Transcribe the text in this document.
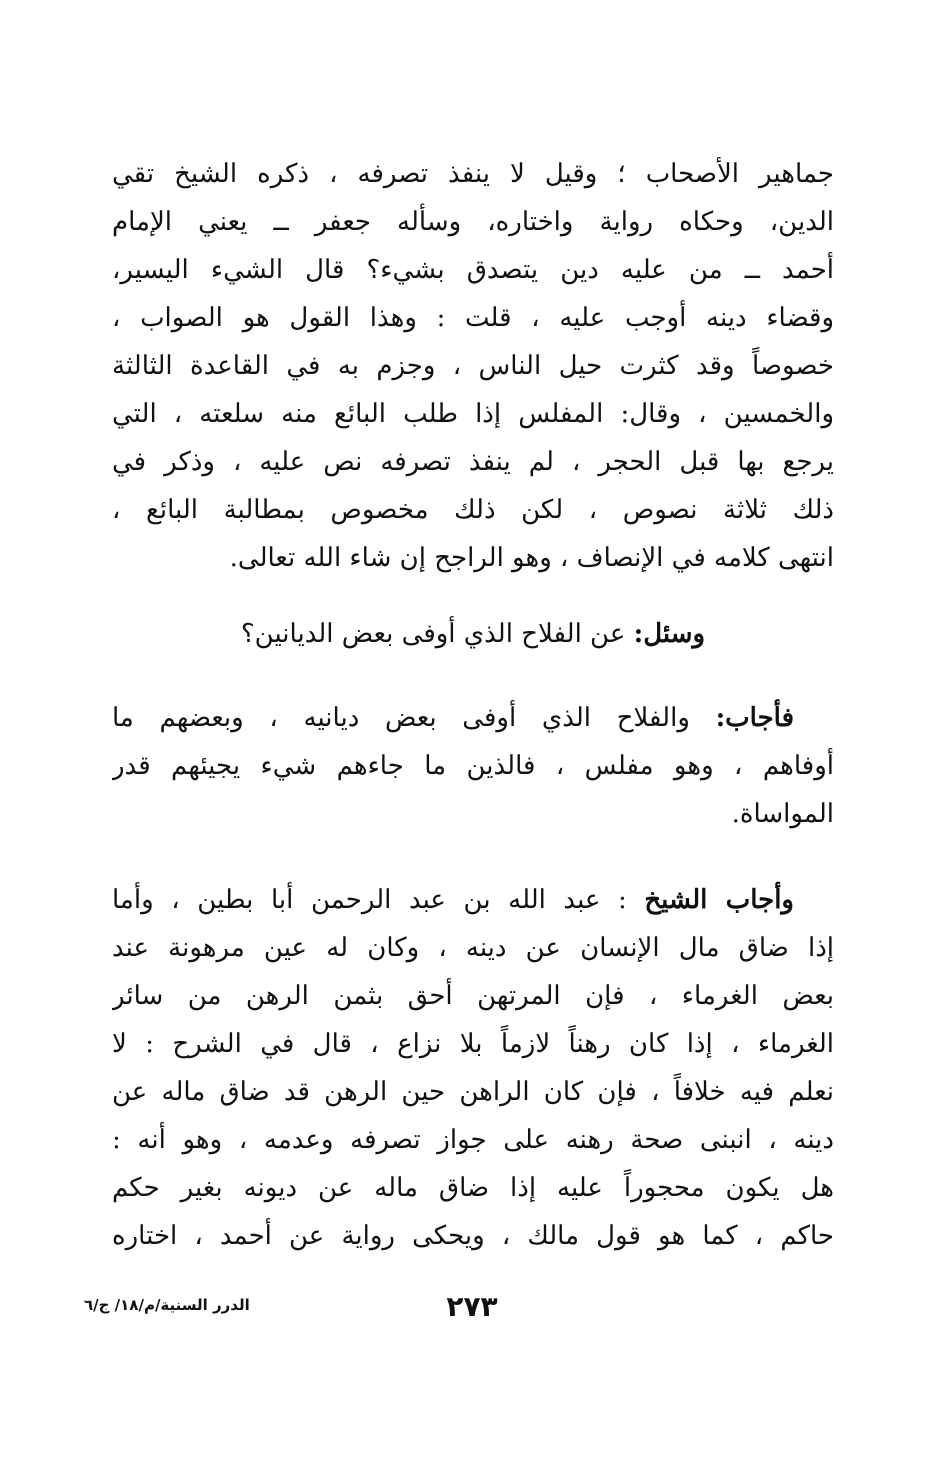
جماهير الأصحاب ؛ وقيل لا ينفذ تصرفه ، ذكره الشيخ تقي
الدين، وحكاه رواية واختاره، وسأله جعفر ــ يعني الإمام
أحمد ــ من عليه دين يتصدق بشيء؟ قال الشيء اليسير،
وقضاء دينه أوجب عليه ، قلت : وهذا القول هو الصواب ،
خصوصاً وقد كثرت حيل الناس ، وجزم به في القاعدة الثالثة
والخمسين ، وقال: المفلس إذا طلب البائع منه سلعته ، التي
يرجع بها قبل الحجر ، لم ينفذ تصرفه نص عليه ، وذكر في
ذلك ثلاثة نصوص ، لكن ذلك مخصوص بمطالبة البائع ،
انتهى كلامه في الإنصاف ، وهو الراجح إن شاء الله تعالى.
وسئل: عن الفلاح الذي أوفى بعض الديانين؟
فأجاب: والفلاح الذي أوفى بعض ديانيه ، وبعضهم ما
أوفاهم ، وهو مفلس ، فالذين ما جاءهم شيء يجيئهم قدر
المواساة.
وأجاب الشيخ : عبد الله بن عبد الرحمن أبا بطين ، وأما
إذا ضاق مال الإنسان عن دينه ، وكان له عين مرهونة عند
بعض الغرماء ، فإن المرتهن أحق بثمن الرهن من سائر
الغرماء ، إذا كان رهناً لازماً بلا نزاع ، قال في الشرح : لا
نعلم فيه خلافاً ، فإن كان الراهن حين الرهن قد ضاق ماله عن
دينه ، انبنى صحة رهنه على جواز تصرفه وعدمه ، وهو أنه :
هل يكون محجوراً عليه إذا ضاق ماله عن ديونه بغير حكم
حاكم ، كما هو قول مالك ، ويحكى رواية عن أحمد ، اختاره
٢٧٣
الدرر السنية/م/١٨/ ج/٦
